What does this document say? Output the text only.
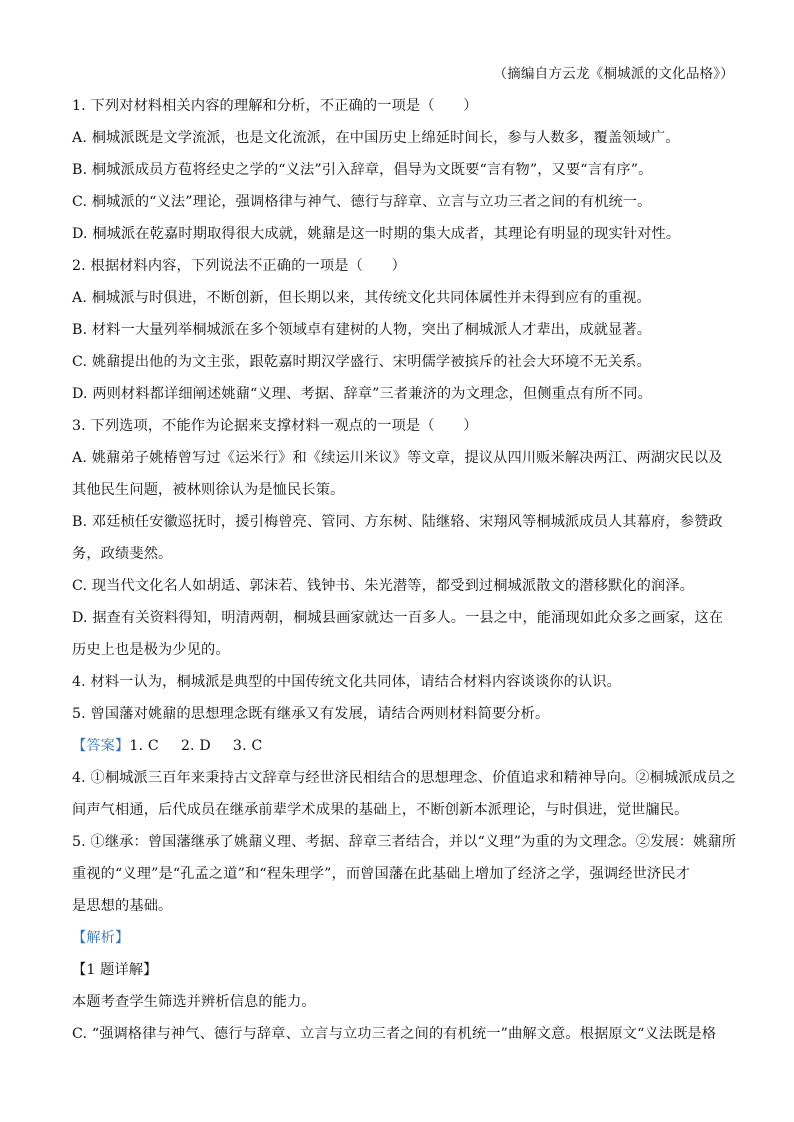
（摘编自方云龙《桐城派的文化品格》）
1. 下列对材料相关内容的理解和分析，不正确的一项是（　　）
A. 桐城派既是文学流派，也是文化流派，在中国历史上绵延时间长，参与人数多，覆盖领域广。
B. 桐城派成员方苞将经史之学的“义法”引入辞章，倡导为文既要“言有物”，又要“言有序”。
C. 桐城派的“义法”理论，强调格律与神气、德行与辞章、立言与立功三者之间的有机统一。
D. 桐城派在乾嘉时期取得很大成就，姚鼐是这一时期的集大成者，其理论有明显的现实针对性。
2. 根据材料内容，下列说法不正确的一项是（　　）
A. 桐城派与时俱进，不断创新，但长期以来，其传统文化共同体属性并未得到应有的重视。
B. 材料一大量列举桐城派在多个领域卓有建树的人物，突出了桐城派人才辈出，成就显著。
C. 姚鼐提出他的为文主张，跟乾嘉时期汉学盛行、宋明儒学被摈斥的社会大环境不无关系。
D. 两则材料都详细阐述姚鼐“义理、考据、辞章”三者兼济的为文理念，但侧重点有所不同。
3. 下列选项，不能作为论据来支撑材料一观点的一项是（　　）
A. 姚鼐弟子姚椿曾写过《运米行》和《续运川米议》等文章，提议从四川贩米解决两江、两湖灾民以及
其他民生问题，被林则徐认为是恤民长策。
B. 邓廷桢任安徽巡抚时，援引梅曾亮、管同、方东树、陆继辂、宋翔风等桐城派成员人其幕府，参赞政
务，政绩斐然。
C. 现当代文化名人如胡适、郭沫若、钱钟书、朱光潜等，都受到过桐城派散文的潜移默化的润泽。
D. 据查有关资料得知，明清两朝，桐城县画家就达一百多人。一县之中，能涌现如此众多之画家，这在
历史上也是极为少见的。
4. 材料一认为，桐城派是典型的中国传统文化共同体，请结合材料内容谈谈你的认识。
5. 曾国藩对姚鼐的思想理念既有继承又有发展，请结合两则材料简要分析。
【答案】1. C 2. D 3. C
4. ①桐城派三百年来秉持古文辞章与经世济民相结合的思想理念、价值追求和精神导向。②桐城派成员之
间声气相通，后代成员在继承前辈学术成果的基础上，不断创新本派理论，与时俱进，觉世牖民。
5. ①继承：曾国藩继承了姚鼐义理、考据、辞章三者结合，并以“义理”为重的为文理念。②发展：姚鼐所
重视的“义理”是“孔孟之道”和“程朱理学”，而曾国藩在此基础上增加了经济之学，强调经世济民才
是思想的基础。
【解析】
【1 题详解】
本题考查学生筛选并辨析信息的能力。
C. “强调格律与神气、德行与辞章、立言与立功三者之间的有机统一”曲解文意。根据原文“义法既是格
